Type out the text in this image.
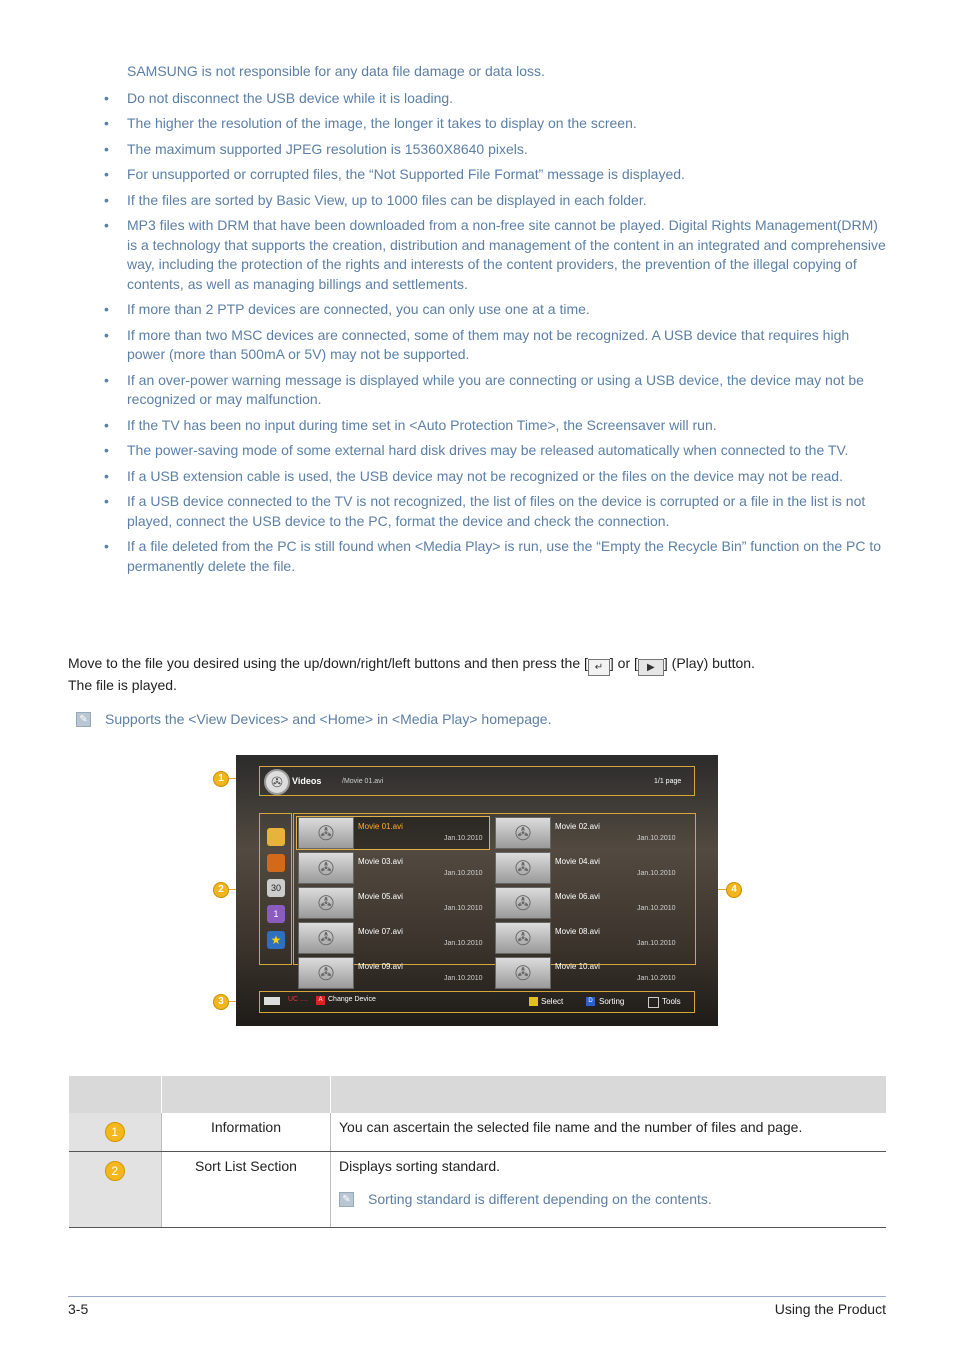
SAMSUNG is not responsible for any data file damage or data loss.
• Do not disconnect the USB device while it is loading.
• The higher the resolution of the image, the longer it takes to display on the screen.
• The maximum supported JPEG resolution is 15360X8640 pixels.
• For unsupported or corrupted files, the “Not Supported File Format” message is displayed.
• If the files are sorted by Basic View, up to 1000 files can be displayed in each folder.
• MP3 files with DRM that have been downloaded from a non-free site cannot be played. Digital Rights Management(DRM) is a technology that supports the creation, distribution and management of the content in an integrated and comprehensive way, including the protection of the rights and interests of the content providers, the prevention of the illegal copying of contents, as well as managing billings and settlements.
• If more than 2 PTP devices are connected, you can only use one at a time.
• If more than two MSC devices are connected, some of them may not be recognized. A USB device that requires high power (more than 500mA or 5V) may not be supported.
• If an over-power warning message is displayed while you are connecting or using a USB device, the device may not be recognized or may malfunction.
• If the TV has been no input during time set in <Auto Protection Time>, the Screensaver will run.
• The power-saving mode of some external hard disk drives may be released automatically when connected to the TV.
• If a USB extension cable is used, the USB device may not be recognized or the files on the device may not be read.
• If a USB device connected to the TV is not recognized, the list of files on the device is corrupted or a file in the list is not played, connect the USB device to the PC, format the device and check the connection.
• If a file deleted from the PC is still found when <Media Play> is run, use the “Empty the Recycle Bin” function on the PC to permanently delete the file.
Move to the file you desired using the up/down/right/left buttons and then press the [ ↵ ] or [ ▶ ] (Play) button.
The file is played.
✎ Supports the <View Devices> and <Home> in <Media Play> homepage.
1
2
3
4
✇	Videos	/Movie 01.avi	1/1 page
30
1
★
✇	Movie 01.avi
Jan.10.2010	✇	Movie 02.avi
Jan.10.2010
✇	Movie 03.avi
Jan.10.2010	✇	Movie 04.avi
Jan.10.2010
✇	Movie 05.avi
Jan.10.2010	✇	Movie 06.avi
Jan.10.2010
✇	Movie 07.avi
Jan.10.2010	✇	Movie 08.avi
Jan.10.2010
✇	Movie 09.avi
Jan.10.2010	✇	Movie 10.avi
Jan.10.2010
UC ....	A Change Device	Select	D Sorting	Tools

1	Information	You can ascertain the selected file name and the number of files and page.
2	Sort List Section	Displays sorting standard.
✎ Sorting standard is different depending on the contents.
3-5	Using the Product
